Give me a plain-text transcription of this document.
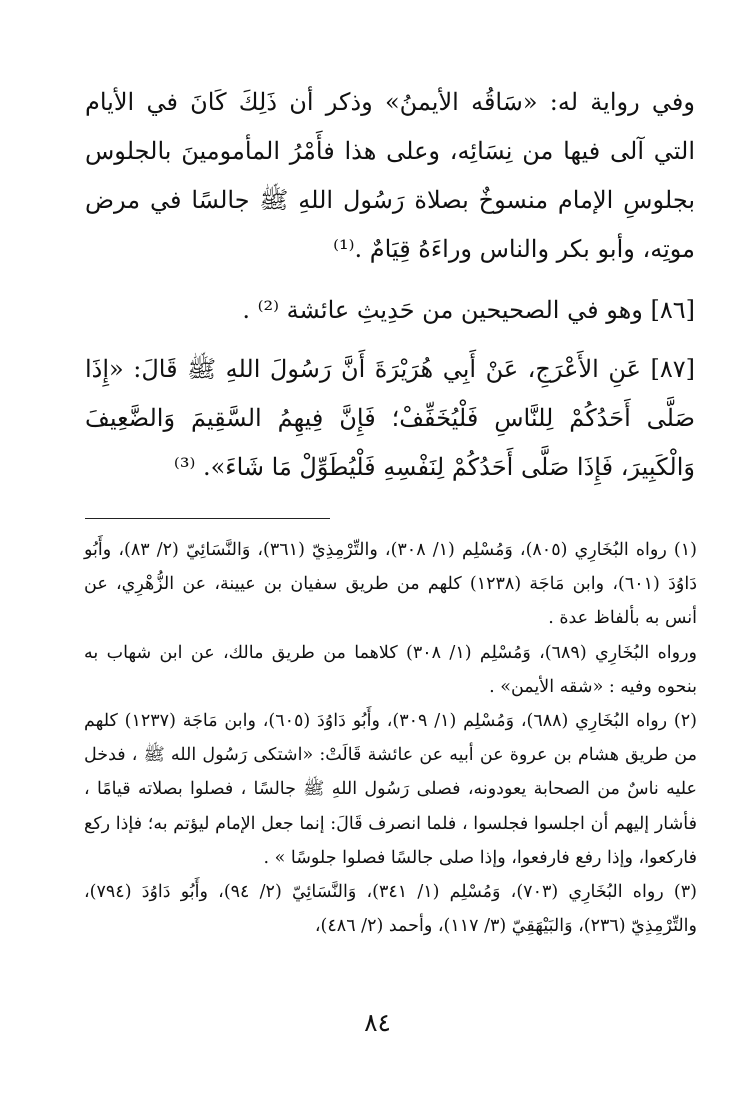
وفي رواية له: «سَاقُه الأيمنُ» وذكر أن ذَلِكَ كَانَ في الأيام التي آلى فيها من نِسَائِه، وعلى هذا فأَمْرُ المأمومينَ بالجلوس بجلوسِ الإمام منسوخٌ بصلاة رَسُول اللهِ ﷺ جالسًا في مرض موتِه، وأبو بكر والناس وراءَهُ قِيَامٌ .⁽¹⁾

[٨٦] وهو في الصحيحين من حَدِيثِ عائشة ⁽²⁾ .

[٨٧] عَنِ الأَعْرَجِ، عَنْ أَبِي هُرَيْرَةَ أَنَّ رَسُولَ اللهِ ﷺ قَالَ: «إِذَا صَلَّى أَحَدُكُمْ لِلنَّاسِ فَلْيُخَفِّفْ؛ فَإِنَّ فِيهِمُ السَّقِيمَ وَالضَّعِيفَ وَالْكَبِيرَ، فَإِذَا صَلَّى أَحَدُكُمْ لِنَفْسِهِ فَلْيُطَوِّلْ مَا شَاءَ». ⁽³⁾

(١) رواه البُخَارِي (٨٠٥)، وَمُسْلِم (١/ ٣٠٨)، والتِّرْمِذِيّ (٣٦١)، وَالنَّسَائِيّ (٢/ ٨٣)، وأَبُو دَاوُدَ (٦٠١)، وابن مَاجَة (١٢٣٨) كلهم من طريق سفيان بن عيينة، عن الزُّهْرِي، عن أنس به بألفاظ عدة .

ورواه البُخَارِي (٦٨٩)، وَمُسْلِم (١/ ٣٠٨) كلاهما من طريق مالك، عن ابن شهاب به بنحوه وفيه : «شقه الأيمن» .

(٢) رواه البُخَارِي (٦٨٨)، وَمُسْلِم (١/ ٣٠٩)، وأَبُو دَاوُدَ (٦٠٥)، وابن مَاجَة (١٢٣٧) كلهم من طريق هشام بن عروة عن أبيه عن عائشة قَالَتْ: «اشتكى رَسُول الله ﷺ ، فدخل عليه ناسٌ من الصحابة يعودونه، فصلى رَسُول اللهِ ﷺ جالسًا ، فصلوا بصلاته قيامًا ، فأشار إليهم أن اجلسوا فجلسوا ، فلما انصرف قَالَ: إنما جعل الإمام ليؤتم به؛ فإذا ركع فاركعوا، وإذا رفع فارفعوا، وإذا صلى جالسًا فصلوا جلوسًا » .

(٣) رواه البُخَارِي (٧٠٣)، وَمُسْلِم (١/ ٣٤١)، وَالنَّسَائِيّ (٢/ ٩٤)، وأَبُو دَاوُدَ (٧٩٤)، والتِّرْمِذِيّ (٢٣٦)، وَالبَيْهَقِيّ (٣/ ١١٧)، وأحمد (٢/ ٤٨٦)،

٨٤
